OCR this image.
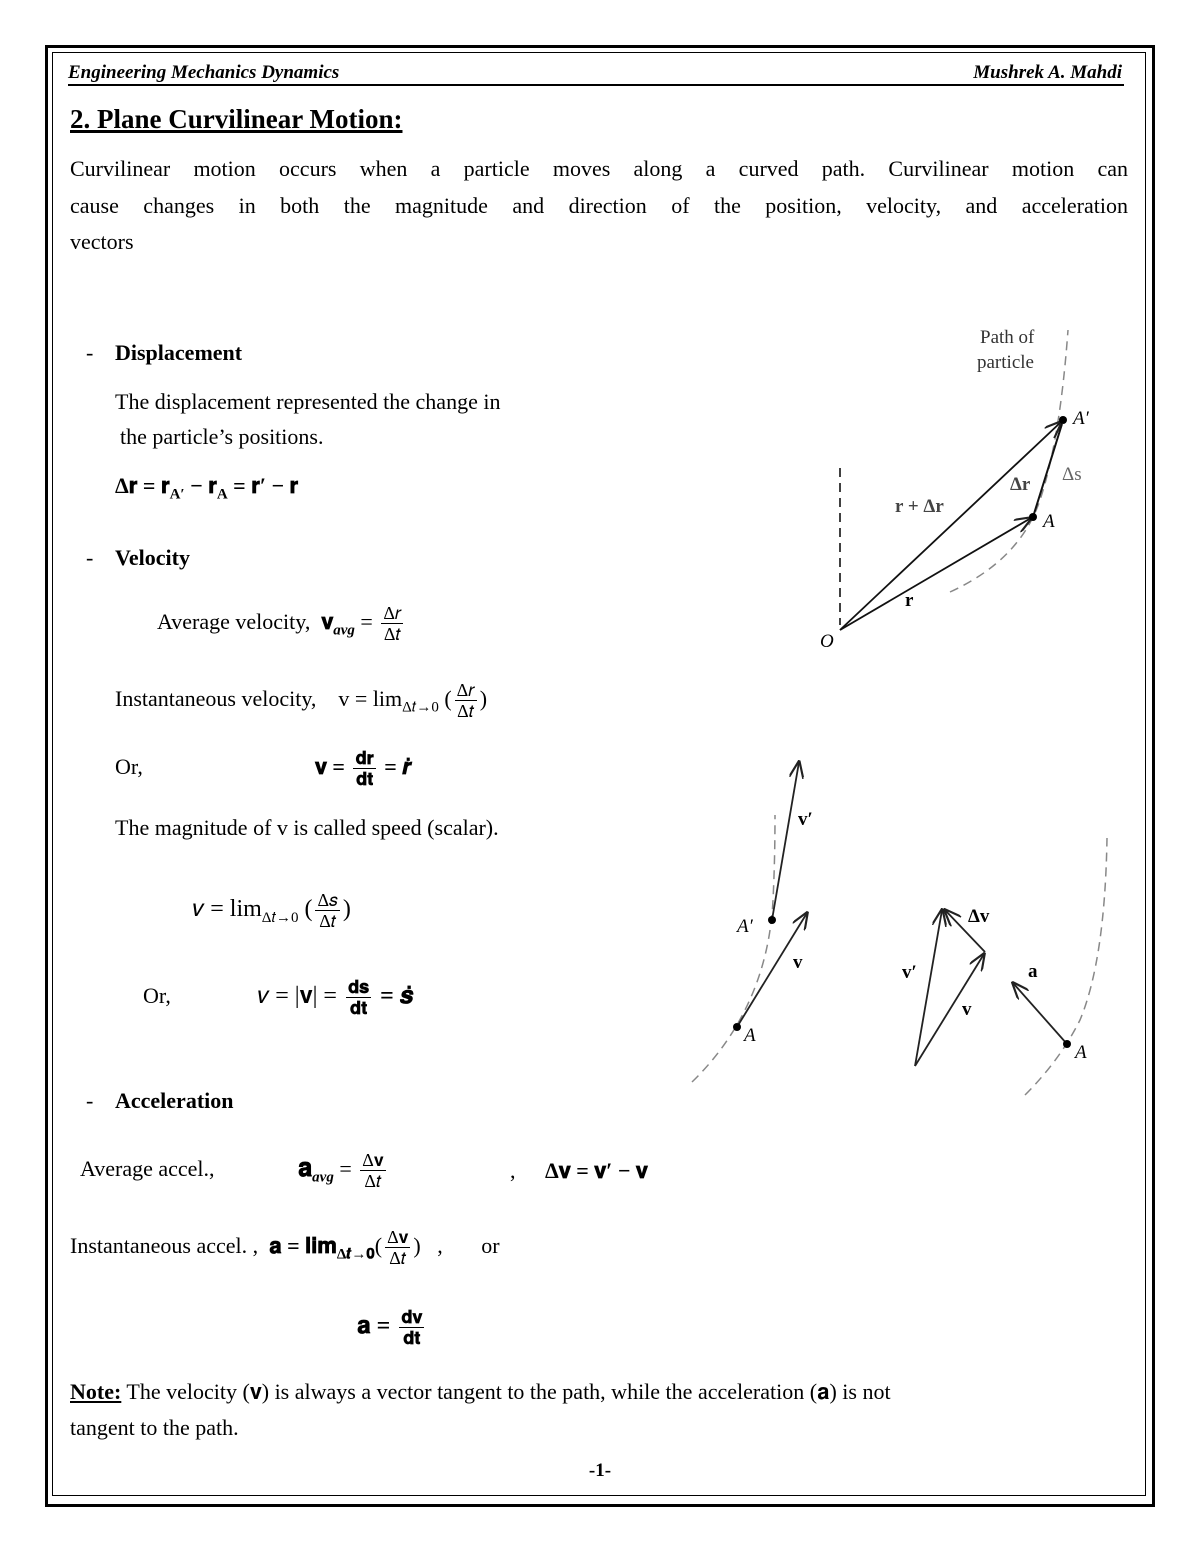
Engineering Mechanics Dynamics	Mushrek A. Mahdi
2. Plane Curvilinear Motion:
Curvilinear motion occurs when a particle moves along a curved path. Curvilinear motion can
cause changes in both the magnitude and direction of the position, velocity, and acceleration
vectors
- Displacement
The displacement represented the change in
the particle’s positions.
Δ𝐫 = 𝐫$_{A'}$ − 𝐫$_A$ = 𝐫′ − 𝐫
- Velocity
Average velocity, 𝐯$_{avg}$ = $\frac{\text{Δ𝑟}}{\text{Δ𝑡}}$
Instantaneous velocity, $v = \lim_{\Delta 𝑡\to 0}$ ( $\frac{\text{Δ𝑟}}{\text{Δ𝑡}}$ )
Or,	𝐯 = $\frac{\text{𝐝𝐫}}{\text{𝐝𝐭}}$ = 𝒓̇
The magnitude of v is called speed (scalar).
𝑣 = $\lim_{\Delta 𝑡\to 0}$ ( $\frac{\text{Δ𝑠}}{\text{Δ𝑡}}$ )
Or,	𝑣 = |𝐯| = $\frac{\text{𝐝𝐬}}{\text{𝐝𝐭}}$ = 𝒔̇
- Acceleration
Average accel.,	𝐚$_{avg}$ = $\frac{\text{Δ𝐯}}{\text{Δ𝑡}}$	, Δ𝐯 = 𝐯′ − 𝐯
Instantaneous accel. , 𝐚 = 𝐥𝐢𝐦$_{\Delta 𝒕\to 𝟎}$( $\frac{\text{Δ𝐯}}{\text{Δ𝑡}}$ )   , or
𝐚 = $\frac{\text{𝐝𝐯}}{\text{𝐝𝐭}}$
Note: The velocity (𝐯) is always a vector tangent to the path, while the acceleration (𝐚) is not
tangent to the path.
-1-
Path of
particle
A′
Δs
Δr
r + Δr
A
r
O
v′
A′
v
A
v′
Δv
v
a
A
